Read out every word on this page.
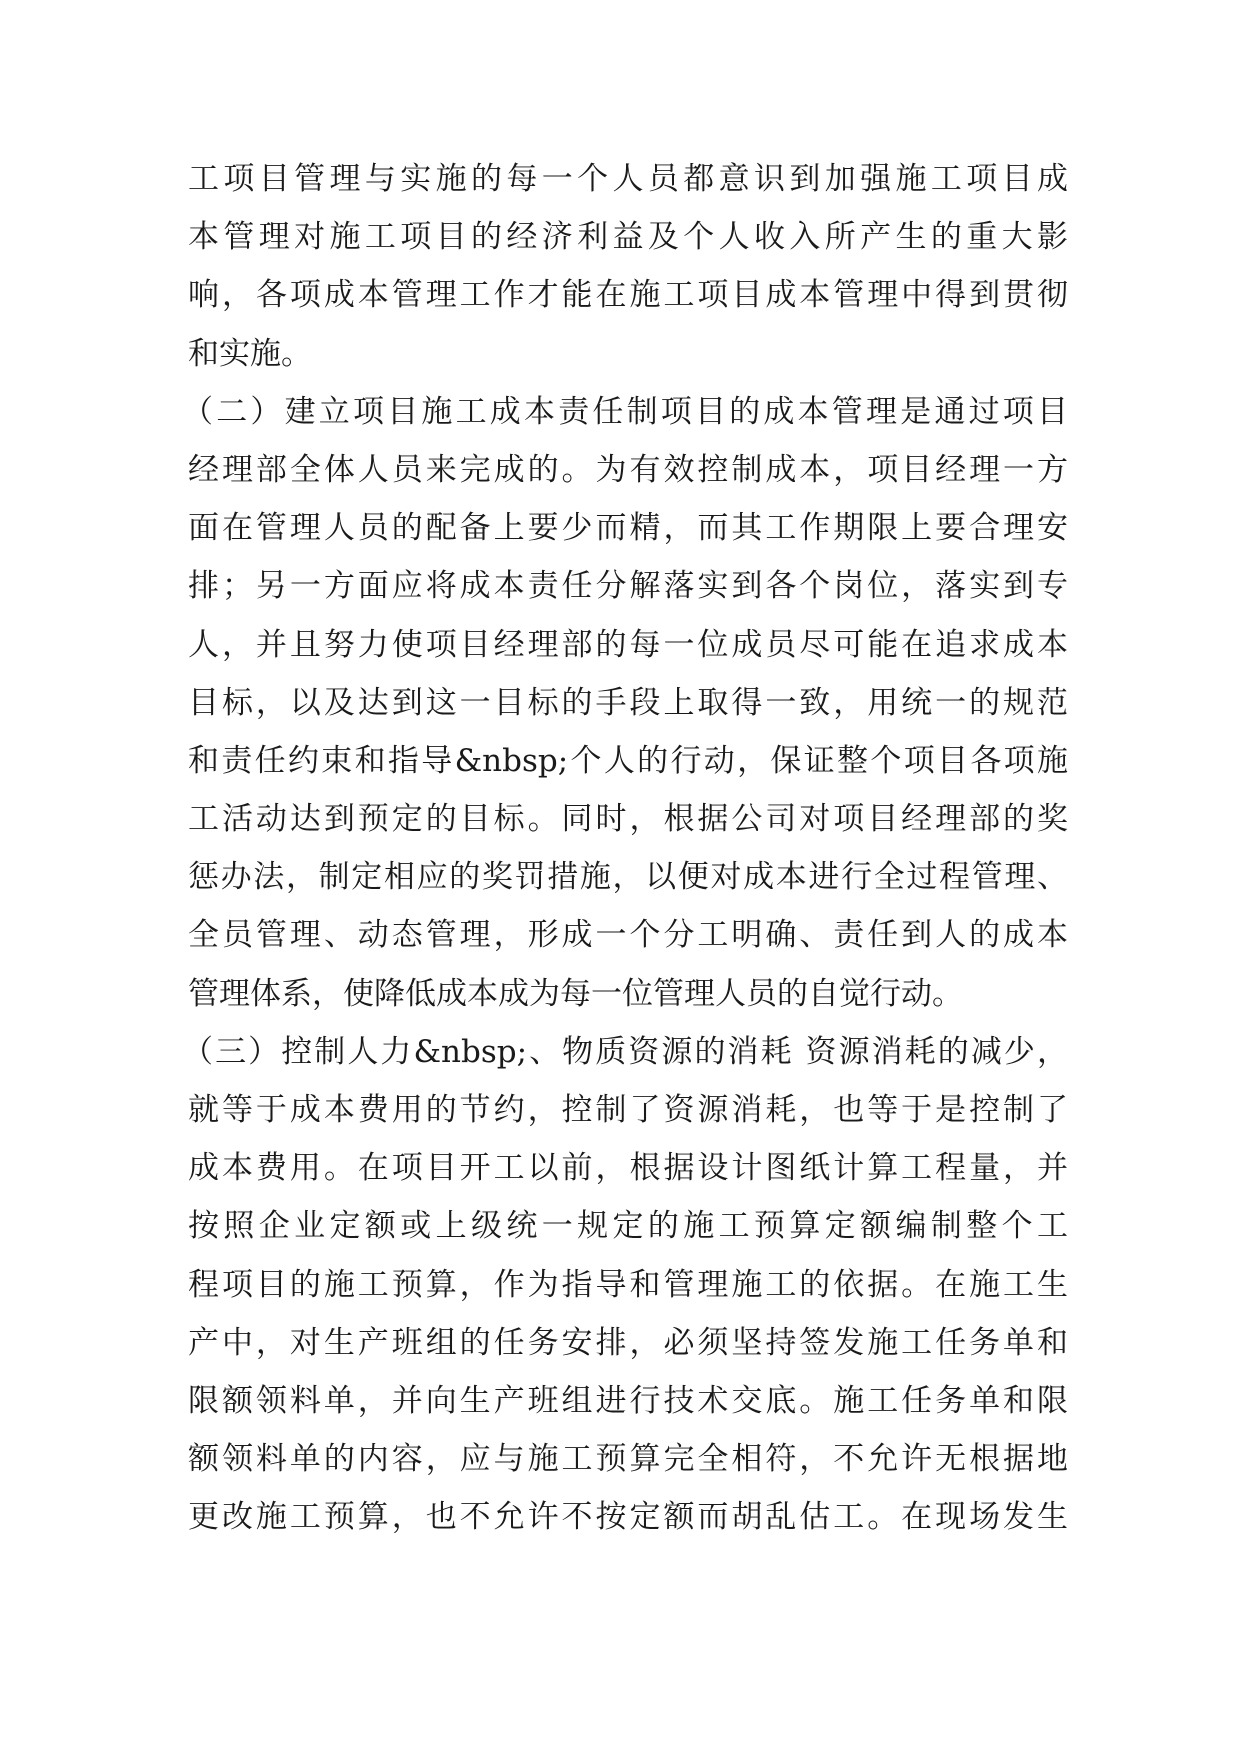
工项目管理与实施的每一个人员都意识到加强施工项目成
本管理对施工项目的经济利益及个人收入所产生的重大影
响，各项成本管理工作才能在施工项目成本管理中得到贯彻
和实施。
（二）建立项目施工成本责任制项目的成本管理是通过项目
经理部全体人员来完成的。为有效控制成本，项目经理一方
面在管理人员的配备上要少而精，而其工作期限上要合理安
排；另一方面应将成本责任分解落实到各个岗位，落实到专
人，并且努力使项目经理部的每一位成员尽可能在追求成本
目标，以及达到这一目标的手段上取得一致，用统一的规范
和责任约束和指导&nbsp;个人的行动，保证整个项目各项施
工活动达到预定的目标。同时，根据公司对项目经理部的奖
惩办法，制定相应的奖罚措施，以便对成本进行全过程管理、
全员管理、动态管理，形成一个分工明确、责任到人的成本
管理体系，使降低成本成为每一位管理人员的自觉行动。
（三）控制人力&nbsp;、物质资源的消耗 资源消耗的减少，
就等于成本费用的节约，控制了资源消耗，也等于是控制了
成本费用。在项目开工以前，根据设计图纸计算工程量，并
按照企业定额或上级统一规定的施工预算定额编制整个工
程项目的施工预算，作为指导和管理施工的依据。在施工生
产中，对生产班组的任务安排，必须坚持签发施工任务单和
限额领料单，并向生产班组进行技术交底。施工任务单和限
额领料单的内容，应与施工预算完全相符，不允许无根据地
更改施工预算，也不允许不按定额而胡乱估工。在现场发生
